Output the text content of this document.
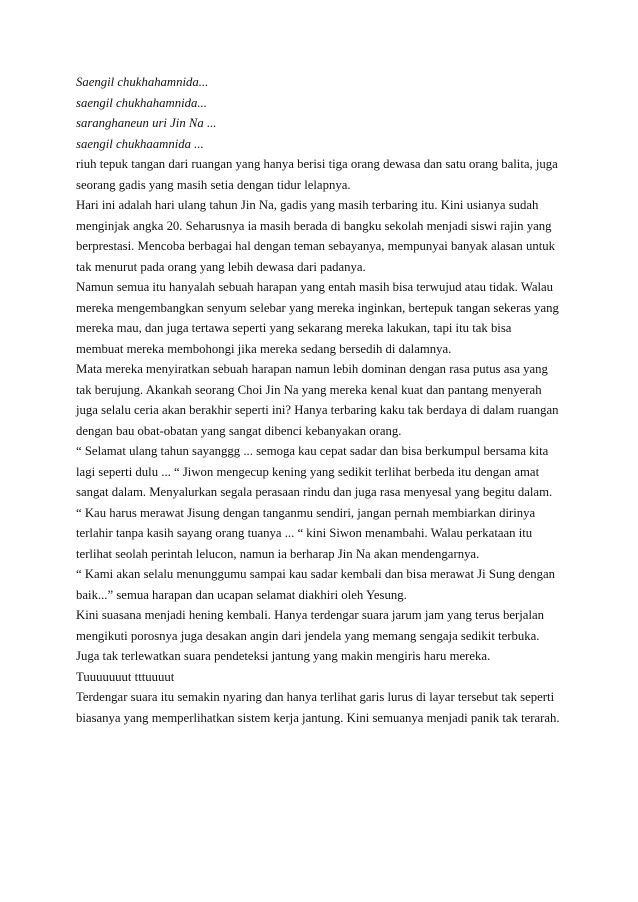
Saengil chukhahamnida...

saengil chukhahamnida...

saranghaneun uri Jin Na ...

saengil chukhaamnida ...

riuh tepuk tangan dari ruangan yang hanya berisi tiga orang dewasa dan satu orang balita, juga

seorang gadis yang masih setia dengan tidur lelapnya.

Hari ini adalah hari ulang tahun Jin Na, gadis yang masih terbaring itu. Kini usianya sudah

menginjak angka 20. Seharusnya ia masih berada di bangku sekolah menjadi siswi rajin yang

berprestasi. Mencoba berbagai hal dengan teman sebayanya, mempunyai banyak alasan untuk

tak menurut pada orang yang lebih dewasa dari padanya.

Namun semua itu hanyalah sebuah harapan yang entah masih bisa terwujud atau tidak. Walau

mereka mengembangkan senyum selebar yang mereka inginkan, bertepuk tangan sekeras yang

mereka mau, dan juga tertawa seperti yang sekarang mereka lakukan, tapi itu tak bisa

membuat mereka membohongi jika mereka sedang bersedih di dalamnya.

Mata mereka menyiratkan sebuah harapan namun lebih dominan dengan rasa putus asa yang

tak berujung. Akankah seorang Choi Jin Na yang mereka kenal kuat dan pantang menyerah

juga selalu ceria akan berakhir seperti ini? Hanya terbaring kaku tak berdaya di dalam ruangan

dengan bau obat-obatan yang sangat dibenci kebanyakan orang.

“ Selamat ulang tahun sayanggg ... semoga kau cepat sadar dan bisa berkumpul bersama kita

lagi seperti dulu ... “ Jiwon mengecup kening yang sedikit terlihat berbeda itu dengan amat

sangat dalam. Menyalurkan segala perasaan rindu dan juga rasa menyesal yang begitu dalam.

“ Kau harus merawat Jisung dengan tanganmu sendiri, jangan pernah membiarkan dirinya

terlahir tanpa kasih sayang orang tuanya ... “ kini Siwon menambahi. Walau perkataan itu

terlihat seolah perintah lelucon, namun ia berharap Jin Na akan mendengarnya.

“ Kami akan selalu menunggumu sampai kau sadar kembali dan bisa merawat Ji Sung dengan

baik...” semua harapan dan ucapan selamat diakhiri oleh Yesung.

Kini suasana menjadi hening kembali. Hanya terdengar suara jarum jam yang terus berjalan

mengikuti porosnya juga desakan angin dari jendela yang memang sengaja sedikit terbuka.

Juga tak terlewatkan suara pendeteksi jantung yang makin mengiris haru mereka.

Tuuuuuuut tttuuuut

Terdengar suara itu semakin nyaring dan hanya terlihat garis lurus di layar tersebut tak seperti

biasanya yang memperlihatkan sistem kerja jantung. Kini semuanya menjadi panik tak terarah.
